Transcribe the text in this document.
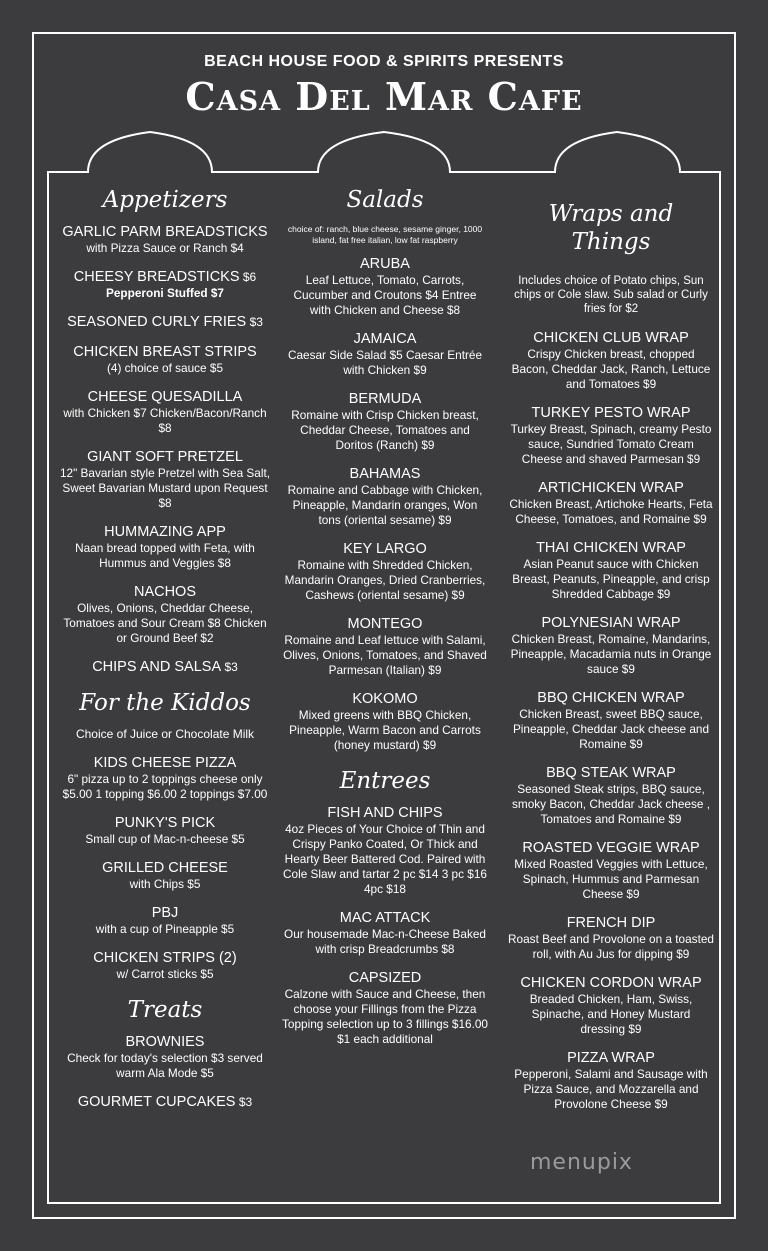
BEACH HOUSE FOOD & SPIRITS PRESENTS
Casa Del Mar Cafe
Appetizers
GARLIC PARM BREADSTICKS
with Pizza Sauce or Ranch $4
CHEESY BREADSTICKS $6
Pepperoni Stuffed $7
SEASONED CURLY FRIES $3
CHICKEN BREAST STRIPS
(4) choice of sauce $5
CHEESE QUESADILLA
with Chicken $7 Chicken/Bacon/Ranch $8
GIANT SOFT PRETZEL
12" Bavarian style Pretzel with Sea Salt, Sweet Bavarian Mustard upon Request $8
HUMMAZING APP
Naan bread topped with Feta, with Hummus and Veggies $8
NACHOS
Olives, Onions, Cheddar Cheese, Tomatoes and Sour Cream $8 Chicken or Ground Beef $2
CHIPS AND SALSA $3
For the Kiddos
Choice of Juice or Chocolate Milk
KIDS CHEESE PIZZA
6" pizza up to 2 toppings cheese only $5.00 1 topping $6.00 2 toppings $7.00
PUNKY'S PICK
Small cup of Mac-n-cheese $5
GRILLED CHEESE
with Chips $5
PBJ
with a cup of Pineapple $5
CHICKEN STRIPS (2)
w/ Carrot sticks $5
Treats
BROWNIES
Check for today's selection $3 served warm Ala Mode $5
GOURMET CUPCAKES $3
Salads
choice of: ranch, blue cheese, sesame ginger, 1000 island, fat free italian, low fat raspberry
ARUBA
Leaf Lettuce, Tomato, Carrots, Cucumber and Croutons $4 Entree with Chicken and Cheese $8
JAMAICA
Caesar Side Salad $5 Caesar Entrée with Chicken $9
BERMUDA
Romaine with Crisp Chicken breast, Cheddar Cheese, Tomatoes and Doritos (Ranch) $9
BAHAMAS
Romaine and Cabbage with Chicken, Pineapple, Mandarin oranges, Won tons (oriental sesame) $9
KEY LARGO
Romaine with Shredded Chicken, Mandarin Oranges, Dried Cranberries, Cashews (oriental sesame) $9
MONTEGO
Romaine and Leaf lettuce with Salami, Olives, Onions, Tomatoes, and Shaved Parmesan (Italian) $9
KOKOMO
Mixed greens with BBQ Chicken, Pineapple, Warm Bacon and Carrots (honey mustard) $9
Entrees
FISH AND CHIPS
4oz Pieces of Your Choice of Thin and Crispy Panko Coated, Or Thick and Hearty Beer Battered Cod. Paired with Cole Slaw and tartar 2 pc $14 3 pc $16 4pc $18
MAC ATTACK
Our housemade Mac-n-Cheese Baked with crisp Breadcrumbs $8
CAPSIZED
Calzone with Sauce and Cheese, then choose your Fillings from the Pizza Topping selection up to 3 fillings $16.00 $1 each additional
Wraps and Things
Includes choice of Potato chips, Sun chips or Cole slaw. Sub salad or Curly fries for $2
CHICKEN CLUB WRAP
Crispy Chicken breast, chopped Bacon, Cheddar Jack, Ranch, Lettuce and Tomatoes $9
TURKEY PESTO WRAP
Turkey Breast, Spinach, creamy Pesto sauce, Sundried Tomato Cream Cheese and shaved Parmesan $9
ARTICHICKEN WRAP
Chicken Breast, Artichoke Hearts, Feta Cheese, Tomatoes, and Romaine $9
THAI CHICKEN WRAP
Asian Peanut sauce with Chicken Breast, Peanuts, Pineapple, and crisp Shredded Cabbage $9
POLYNESIAN WRAP
Chicken Breast, Romaine, Mandarins, Pineapple, Macadamia nuts in Orange sauce $9
BBQ CHICKEN WRAP
Chicken Breast, sweet BBQ sauce, Pineapple, Cheddar Jack cheese and Romaine $9
BBQ STEAK WRAP
Seasoned Steak strips, BBQ sauce, smoky Bacon, Cheddar Jack cheese , Tomatoes and Romaine $9
ROASTED VEGGIE WRAP
Mixed Roasted Veggies with Lettuce, Spinach, Hummus and Parmesan Cheese $9
FRENCH DIP
Roast Beef and Provolone on a toasted roll, with Au Jus for dipping $9
CHICKEN CORDON WRAP
Breaded Chicken, Ham, Swiss, Spinache, and Honey Mustard dressing $9
PIZZA WRAP
Pepperoni, Salami and Sausage with Pizza Sauce, and Mozzarella and Provolone Cheese $9
menupix
